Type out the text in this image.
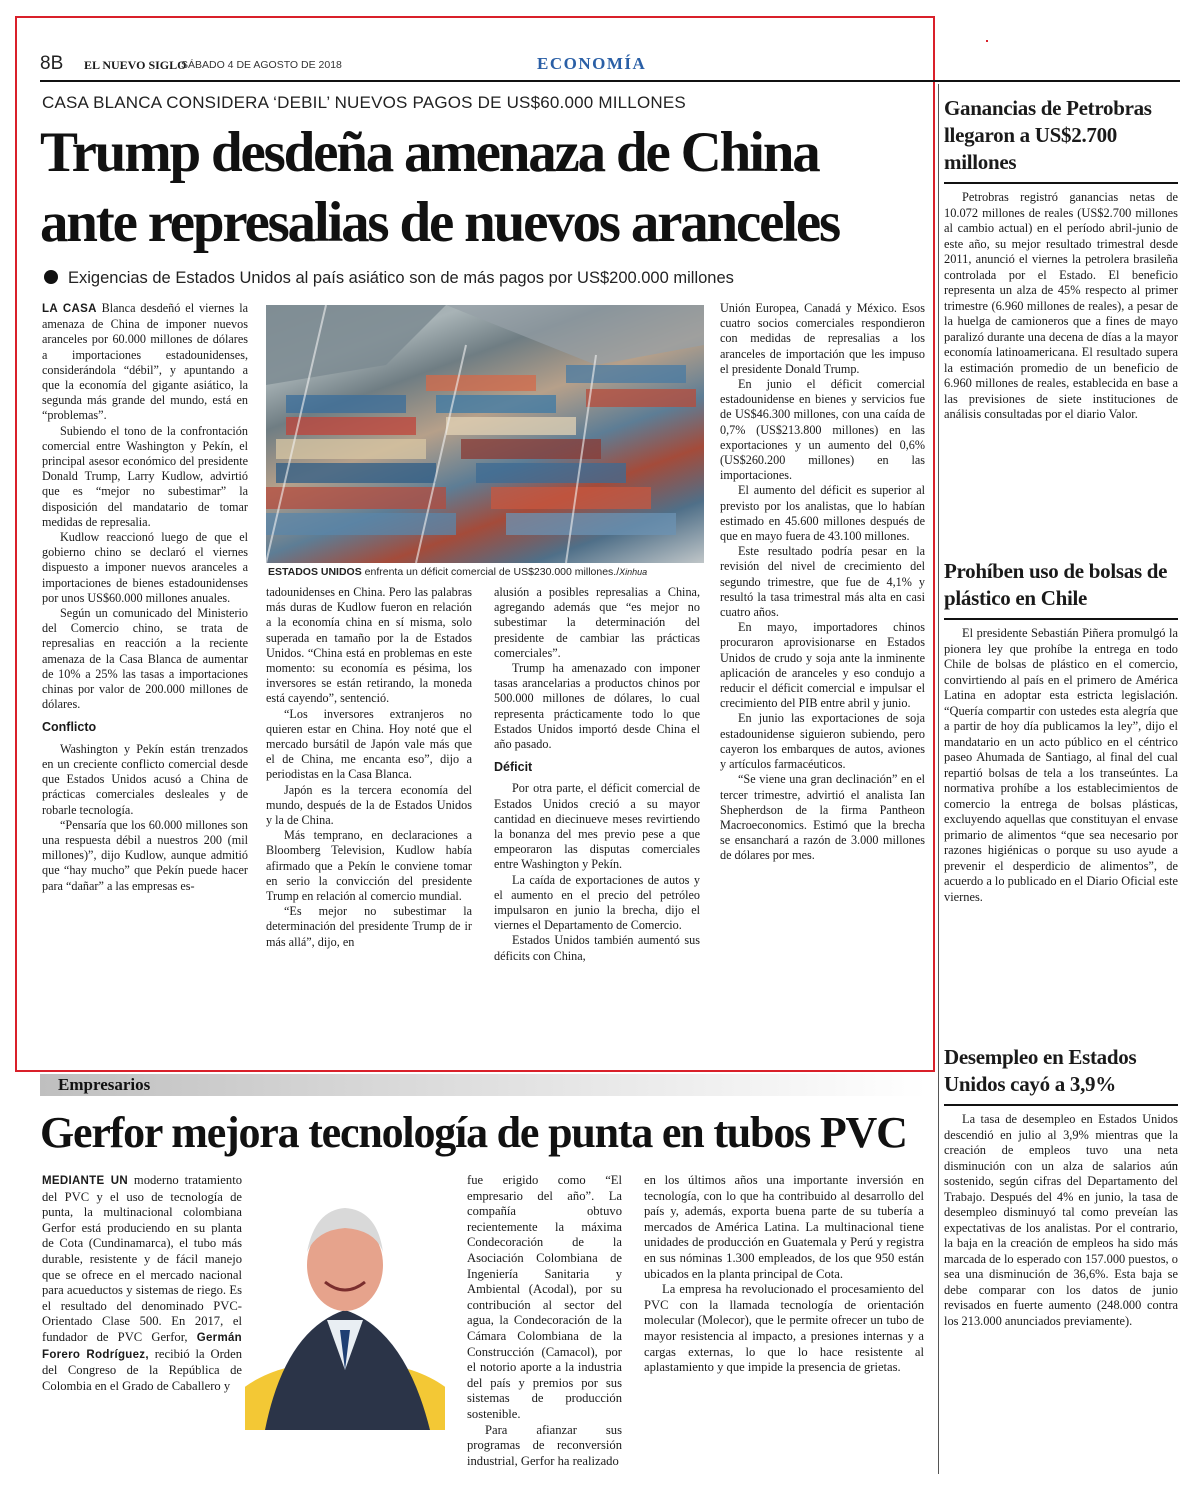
8B EL NUEVO SIGLO
SÁBADO 4 DE AGOSTO DE 2018	ECONOMÍA
CASA BLANCA CONSIDERA ‘DEBIL’ NUEVOS PAGOS DE US$60.000 MILLONES
Trump desdeña amenaza de China
ante represalias de nuevos aranceles
Exigencias de Estados Unidos al país asiático son de más pagos por US$200.000 millones

LA CASA Blanca desdeñó el viernes la amenaza de China de imponer nuevos aranceles por 60.000 millones de dólares a importaciones estadounidenses, considerándola “débil”, y apuntando a que la economía del gigante asiático, la segunda más grande del mundo, está en “problemas”.

Subiendo el tono de la confrontación comercial entre Washington y Pekín, el principal asesor económico del presidente Donald Trump, Larry Kudlow, advirtió que es “mejor no subestimar” la disposición del mandatario de tomar medidas de represalia.

Kudlow reaccionó luego de que el gobierno chino se declaró el viernes dispuesto a imponer nuevos aranceles a importaciones de bienes estadounidenses por unos US$60.000 millones anuales.

Según un comunicado del Ministerio del Comercio chino, se trata de represalias en reacción a la reciente amenaza de la Casa Blanca de aumentar de 10% a 25% las tasas a importaciones chinas por valor de 200.000 millones de dólares.

Conflicto

Washington y Pekín están trenzados en un creciente conflicto comercial desde que Estados Unidos acusó a China de prácticas comerciales desleales y de robarle tecnología.

“Pensaría que los 60.000 millones son una respuesta débil a nuestros 200 (mil millones)”, dijo Kudlow, aunque admitió que “hay mucho” que Pekín puede hacer para “dañar” a las empresas es-

ESTADOS UNIDOS enfrenta un déficit comercial de US$230.000 millones./Xinhua

tadounidenses en China. Pero las palabras más duras de Kudlow fueron en relación a la economía china en sí misma, solo superada en tamaño por la de Estados Unidos. “China está en problemas en este momento: su economía es pésima, los inversores se están retirando, la moneda está cayendo”, sentenció.

“Los inversores extranjeros no quieren estar en China. Hoy noté que el mercado bursátil de Japón vale más que el de China, me encanta eso”, dijo a periodistas en la Casa Blanca.

Japón es la tercera economía del mundo, después de la de Estados Unidos y la de China.

Más temprano, en declaraciones a Bloomberg Television, Kudlow había afirmado que a Pekín le conviene tomar en serio la convicción del presidente Trump en relación al comercio mundial.

“Es mejor no subestimar la determinación del presidente Trump de ir más allá”, dijo, en

alusión a posibles represalias a China, agregando además que “es mejor no subestimar la determinación del presidente de cambiar las prácticas comerciales”.

Trump ha amenazado con imponer tasas arancelarias a productos chinos por 500.000 millones de dólares, lo cual representa prácticamente todo lo que Estados Unidos importó desde China el año pasado.

Déficit

Por otra parte, el déficit comercial de Estados Unidos creció a su mayor cantidad en diecinueve meses revirtiendo la bonanza del mes previo pese a que empeoraron las disputas comerciales entre Washington y Pekín.

La caída de exportaciones de autos y el aumento en el precio del petróleo impulsaron en junio la brecha, dijo el viernes el Departamento de Comercio.

Estados Unidos también aumentó sus déficits con China,

Unión Europea, Canadá y México. Esos cuatro socios comerciales respondieron con medidas de represalias a los aranceles de importación que les impuso el presidente Donald Trump.

En junio el déficit comercial estadounidense en bienes y servicios fue de US$46.300 millones, con una caída de 0,7% (US$213.800 millones) en las exportaciones y un aumento del 0,6% (US$260.200 millones) en las importaciones.

El aumento del déficit es superior al previsto por los analistas, que lo habían estimado en 45.600 millones después de que en mayo fuera de 43.100 millones.

Este resultado podría pesar en la revisión del nivel de crecimiento del segundo trimestre, que fue de 4,1% y resultó la tasa trimestral más alta en casi cuatro años.

En mayo, importadores chinos procuraron aprovisionarse en Estados Unidos de crudo y soja ante la inminente aplicación de aranceles y eso condujo a reducir el déficit comercial e impulsar el crecimiento del PIB entre abril y junio.

En junio las exportaciones de soja estadounidense siguieron subiendo, pero cayeron los embarques de autos, aviones y artículos farmacéuticos.

“Se viene una gran declinación” en el tercer trimestre, advirtió el analista Ian Shepherdson de la firma Pantheon Macroeconomics. Estimó que la brecha se ensanchará a razón de 3.000 millones de dólares por mes.

Ganancias de Petrobras llegaron a US$2.700 millones

Petrobras registró ganancias netas de 10.072 millones de reales (US$2.700 millones al cambio actual) en el período abril-junio de este año, su mejor resultado trimestral desde 2011, anunció el viernes la petrolera brasileña controlada por el Estado. El beneficio representa un alza de 45% respecto al primer trimestre (6.960 millones de reales), a pesar de la huelga de camioneros que a fines de mayo paralizó durante una decena de días a la mayor economía latinoamericana. El resultado supera la estimación promedio de un beneficio de 6.960 millones de reales, establecida en base a las previsiones de siete instituciones de análisis consultadas por el diario Valor.

Prohíben uso de bolsas de plástico en Chile

El presidente Sebastián Piñera promulgó la pionera ley que prohíbe la entrega en todo Chile de bolsas de plástico en el comercio, convirtiendo al país en el primero de América Latina en adoptar esta estricta legislación. “Quería compartir con ustedes esta alegría que a partir de hoy día publicamos la ley”, dijo el mandatario en un acto público en el céntrico paseo Ahumada de Santiago, al final del cual repartió bolsas de tela a los transeúntes. La normativa prohíbe a los establecimientos de comercio la entrega de bolsas plásticas, excluyendo aquellas que constituyan el envase primario de alimentos “que sea necesario por razones higiénicas o porque su uso ayude a prevenir el desperdicio de alimentos”, de acuerdo a lo publicado en el Diario Oficial este viernes.

Desempleo en Estados Unidos cayó a 3,9%

La tasa de desempleo en Estados Unidos descendió en julio al 3,9% mientras que la creación de empleos tuvo una neta disminución con un alza de salarios aún sostenido, según cifras del Departamento del Trabajo. Después del 4% en junio, la tasa de desempleo disminuyó tal como preveían las expectativas de los analistas. Por el contrario, la baja en la creación de empleos ha sido más marcada de lo esperado con 157.000 puestos, o sea una disminución de 36,6%. Esta baja se debe comparar con los datos de junio revisados en fuerte aumento (248.000 contra los 213.000 anunciados previamente).

Empresarios
Gerfor mejora tecnología de punta en tubos PVC

MEDIANTE UN moderno tratamiento del PVC y el uso de tecnología de punta, la multinacional colombiana Gerfor está produciendo en su planta de Cota (Cundinamarca), el tubo más durable, resistente y de fácil manejo que se ofrece en el mercado nacional para acueductos y sistemas de riego. Es el resultado del denominado PVC-Orientado Clase 500. En 2017, el fundador de PVC Gerfor, Germán Forero Rodríguez, recibió la Orden del Congreso de la República de Colombia en el Grado de Caballero y

fue erigido como “El empresario del año”. La compañía obtuvo recientemente la máxima Condecoración de la Asociación Colombiana de Ingeniería Sanitaria y Ambiental (Acodal), por su contribución al sector del agua, la Condecoración de la Cámara Colombiana de la Construcción (Camacol), por el notorio aporte a la industria del país y premios por sus sistemas de producción sostenible.

Para afianzar sus programas de reconversión industrial, Gerfor ha realizado

en los últimos años una importante inversión en tecnología, con lo que ha contribuido al desarrollo del país y, además, exporta buena parte de su tubería a mercados de América Latina. La multinacional tiene unidades de producción en Guatemala y Perú y registra en sus nóminas 1.300 empleados, de los que 950 están ubicados en la planta principal de Cota.

La empresa ha revolucionado el procesamiento del PVC con la llamada tecnología de orientación molecular (Molecor), que le permite ofrecer un tubo de mayor resistencia al impacto, a presiones internas y a cargas externas, lo que lo hace resistente al aplastamiento y que impide la presencia de grietas.
